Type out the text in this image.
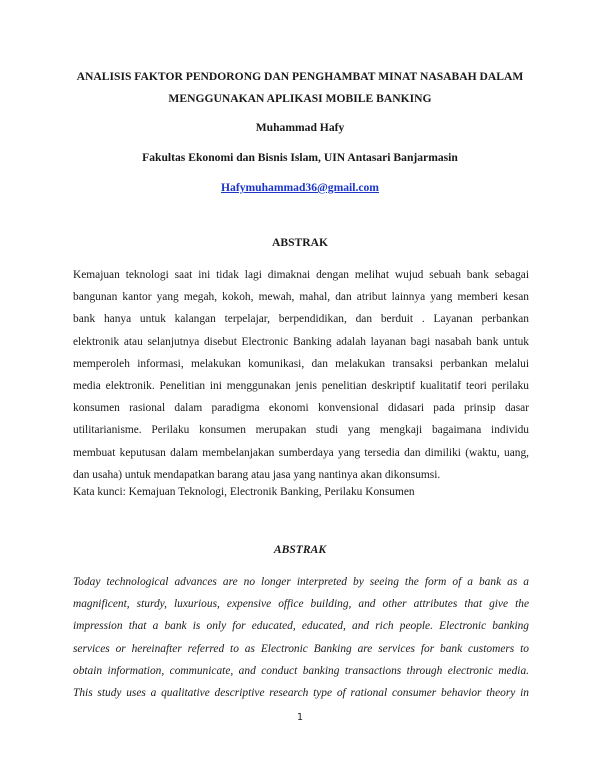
ANALISIS FAKTOR PENDORONG DAN PENGHAMBAT MINAT NASABAH DALAM
MENGGUNAKAN APLIKASI MOBILE BANKING

Muhammad Hafy

Fakultas Ekonomi dan Bisnis Islam, UIN Antasari Banjarmasin

Hafymuhammad36@gmail.com

ABSTRAK
Kemajuan teknologi saat ini tidak lagi dimaknai dengan melihat wujud sebuah bank sebagai
bangunan kantor yang megah, kokoh, mewah, mahal, dan atribut lainnya yang memberi kesan
bank hanya untuk kalangan terpelajar, berpendidikan, dan berduit . Layanan perbankan
elektronik atau selanjutnya disebut Electronic Banking adalah layanan bagi nasabah bank untuk
memperoleh informasi, melakukan komunikasi, dan melakukan transaksi perbankan melalui
media elektronik. Penelitian ini menggunakan jenis penelitian deskriptif kualitatif teori perilaku
konsumen rasional dalam paradigma ekonomi konvensional didasari pada prinsip dasar
utilitarianisme. Perilaku konsumen merupakan studi yang mengkaji bagaimana individu
membuat keputusan dalam membelanjakan sumberdaya yang tersedia dan dimiliki (waktu, uang,
dan usaha) untuk mendapatkan barang atau jasa yang nantinya akan dikonsumsi.

Kata kunci: Kemajuan Teknologi, Electronik Banking, Perilaku Konsumen

ABSTRAK
Today technological advances are no longer interpreted by seeing the form of a bank as a
magnificent, sturdy, luxurious, expensive office building, and other attributes that give the
impression that a bank is only for educated, educated, and rich people. Electronic banking
services or hereinafter referred to as Electronic Banking are services for bank customers to
obtain information, communicate, and conduct banking transactions through electronic media.
This study uses a qualitative descriptive research type of rational consumer behavior theory in

1
